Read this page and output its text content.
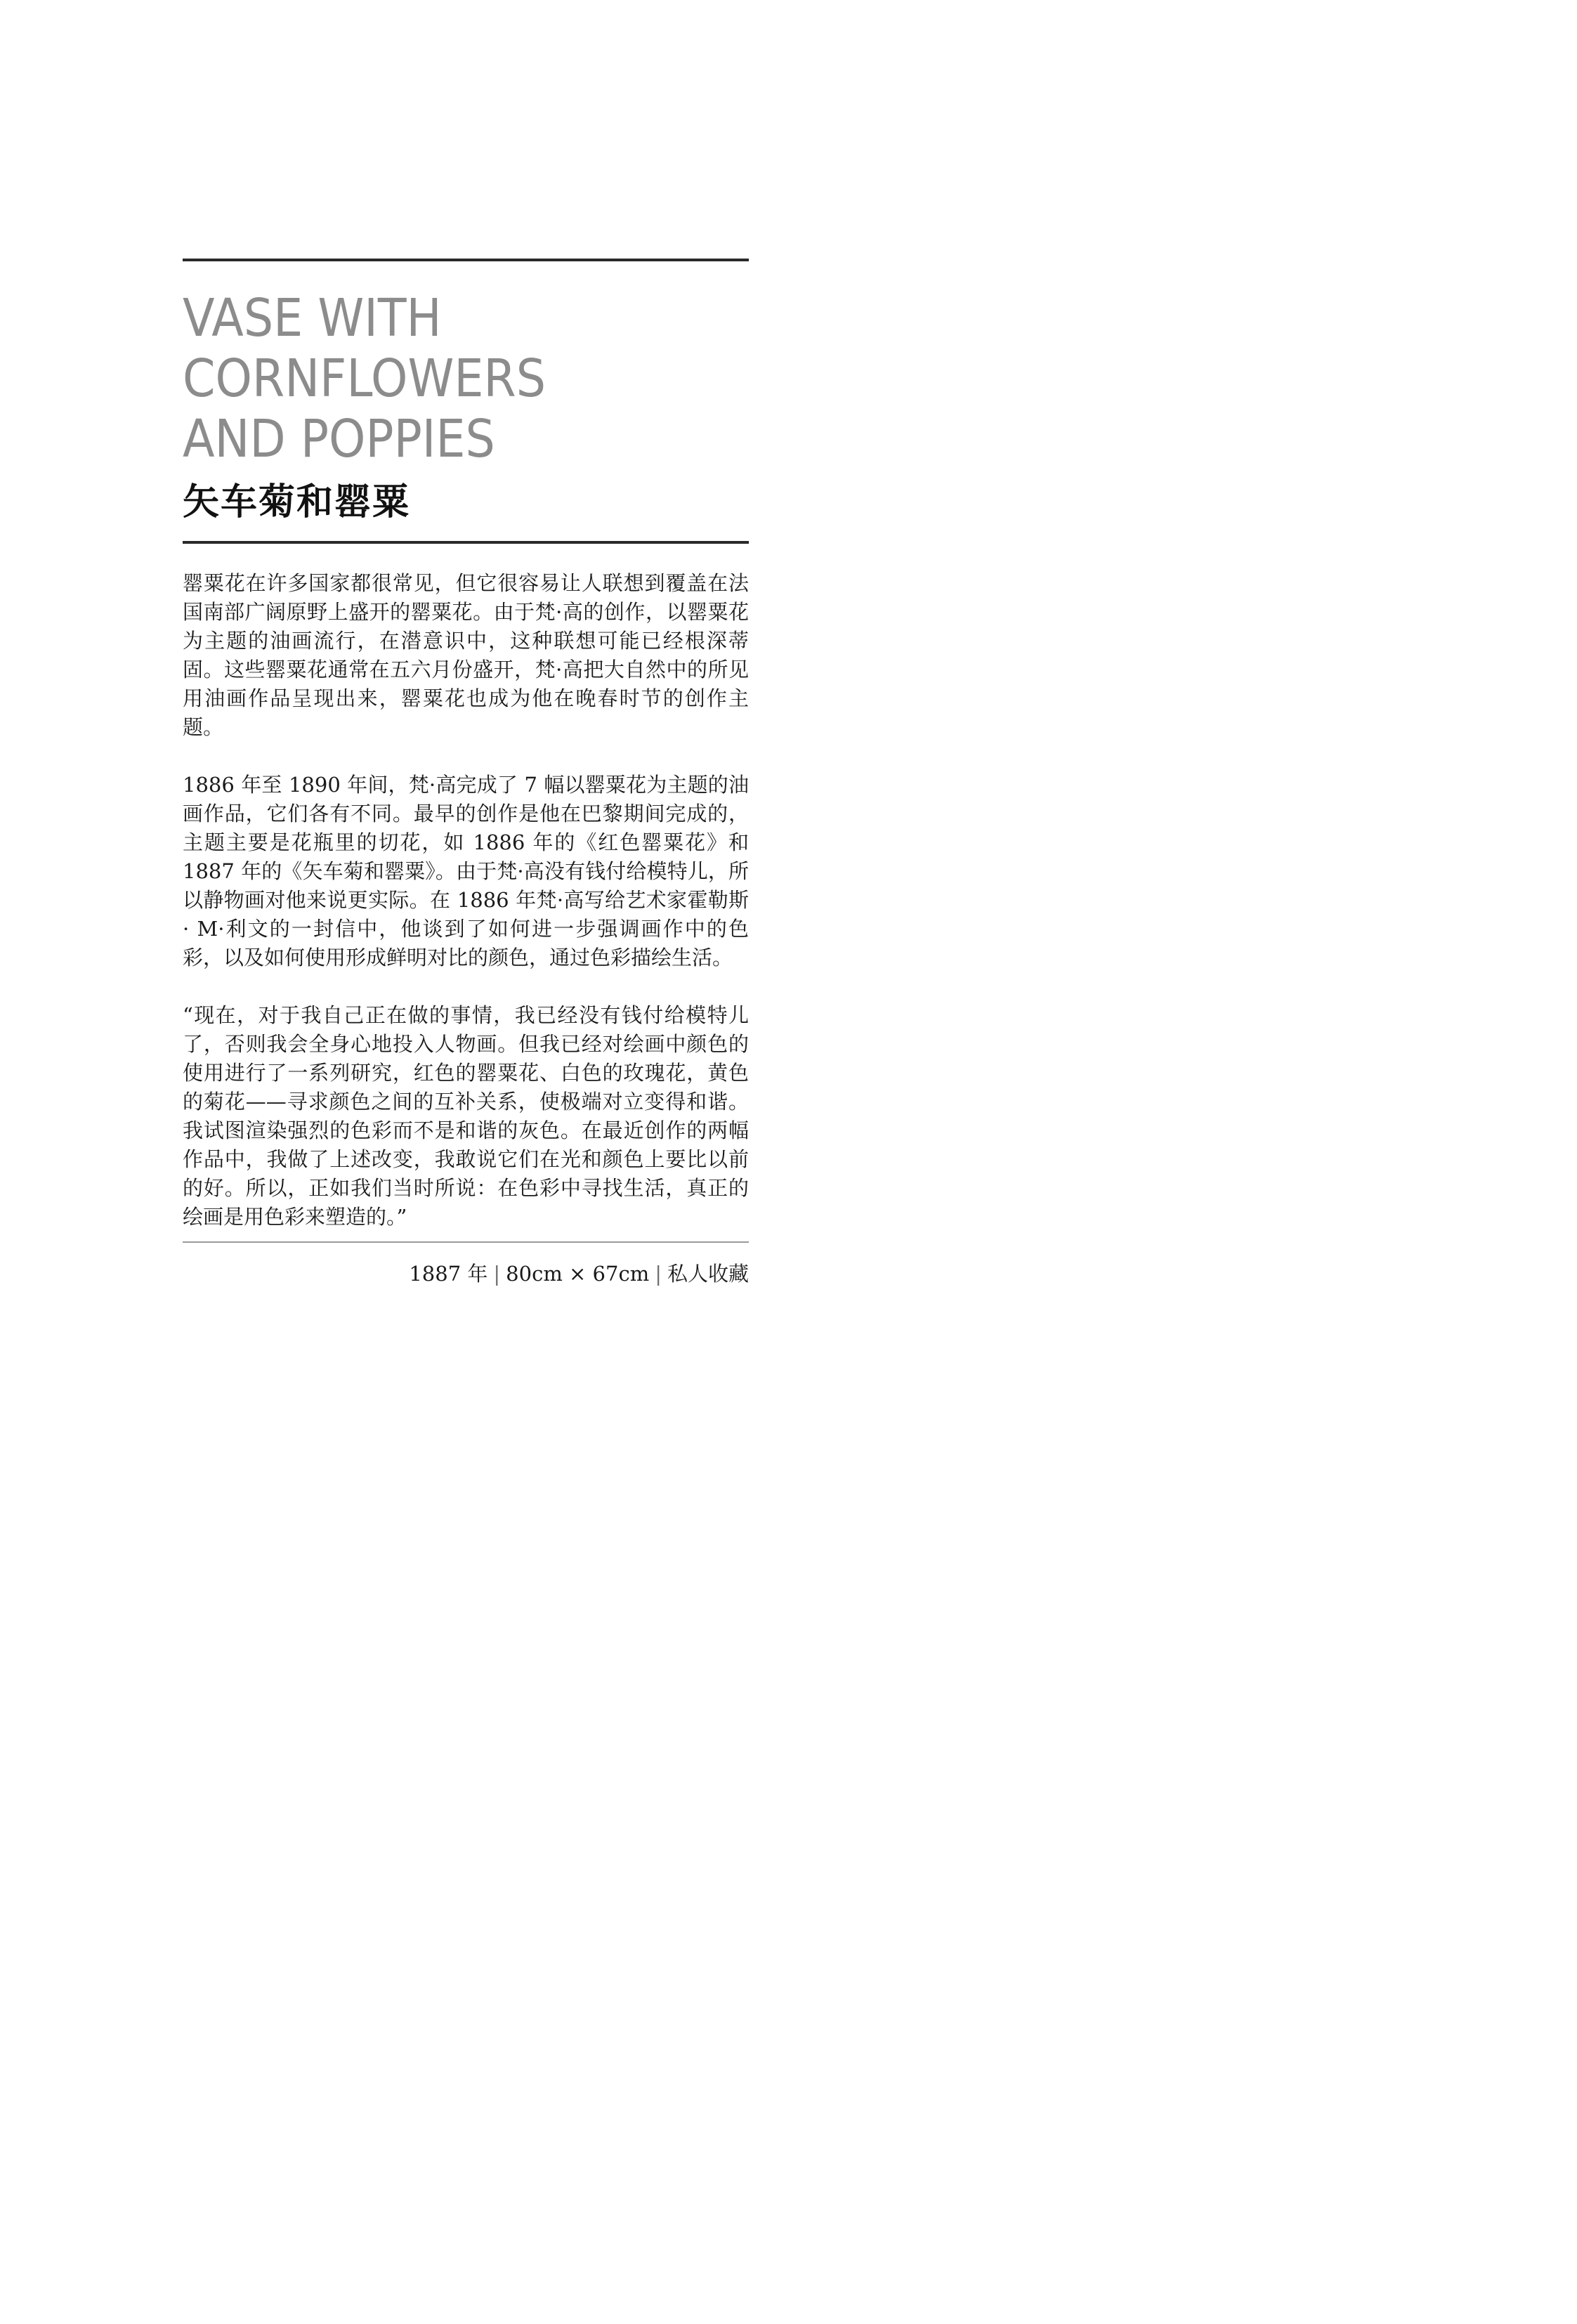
VASE WITH CORNFLOWERS
AND POPPIES
矢车菊和罂粟

罂粟花在许多国家都很常见，但它很容易让人联想到覆盖在法国南部广阔原野上盛开的罂粟花。由于梵·高的创作，以罂粟花为主题的油画流行，在潜意识中，这种联想可能已经根深蒂固。这些罂粟花通常在五六月份盛开，梵·高把大自然中的所见用油画作品呈现出来，罂粟花也成为他在晚春时节的创作主题。

1886 年至 1890 年间，梵·高完成了 7 幅以罂粟花为主题的油画作品，它们各有不同。最早的创作是他在巴黎期间完成的，主题主要是花瓶里的切花，如 1886 年的《红色罂粟花》和 1887 年的《矢车菊和罂粟》。由于梵·高没有钱付给模特儿，所以静物画对他来说更实际。在 1886 年梵·高写给艺术家霍勒斯· M·利文的一封信中，他谈到了如何进一步强调画作中的色彩，以及如何使用形成鲜明对比的颜色，通过色彩描绘生活。

“现在，对于我自己正在做的事情，我已经没有钱付给模特儿了，否则我会全身心地投入人物画。但我已经对绘画中颜色的使用进行了一系列研究，红色的罂粟花、白色的玫瑰花，黄色的菊花——寻求颜色之间的互补关系，使极端对立变得和谐。我试图渲染强烈的色彩而不是和谐的灰色。在最近创作的两幅作品中，我做了上述改变，我敢说它们在光和颜色上要比以前的好。所以，正如我们当时所说：在色彩中寻找生活，真正的绘画是用色彩来塑造的。”

1887 年 | 80cm × 67cm | 私人收藏
